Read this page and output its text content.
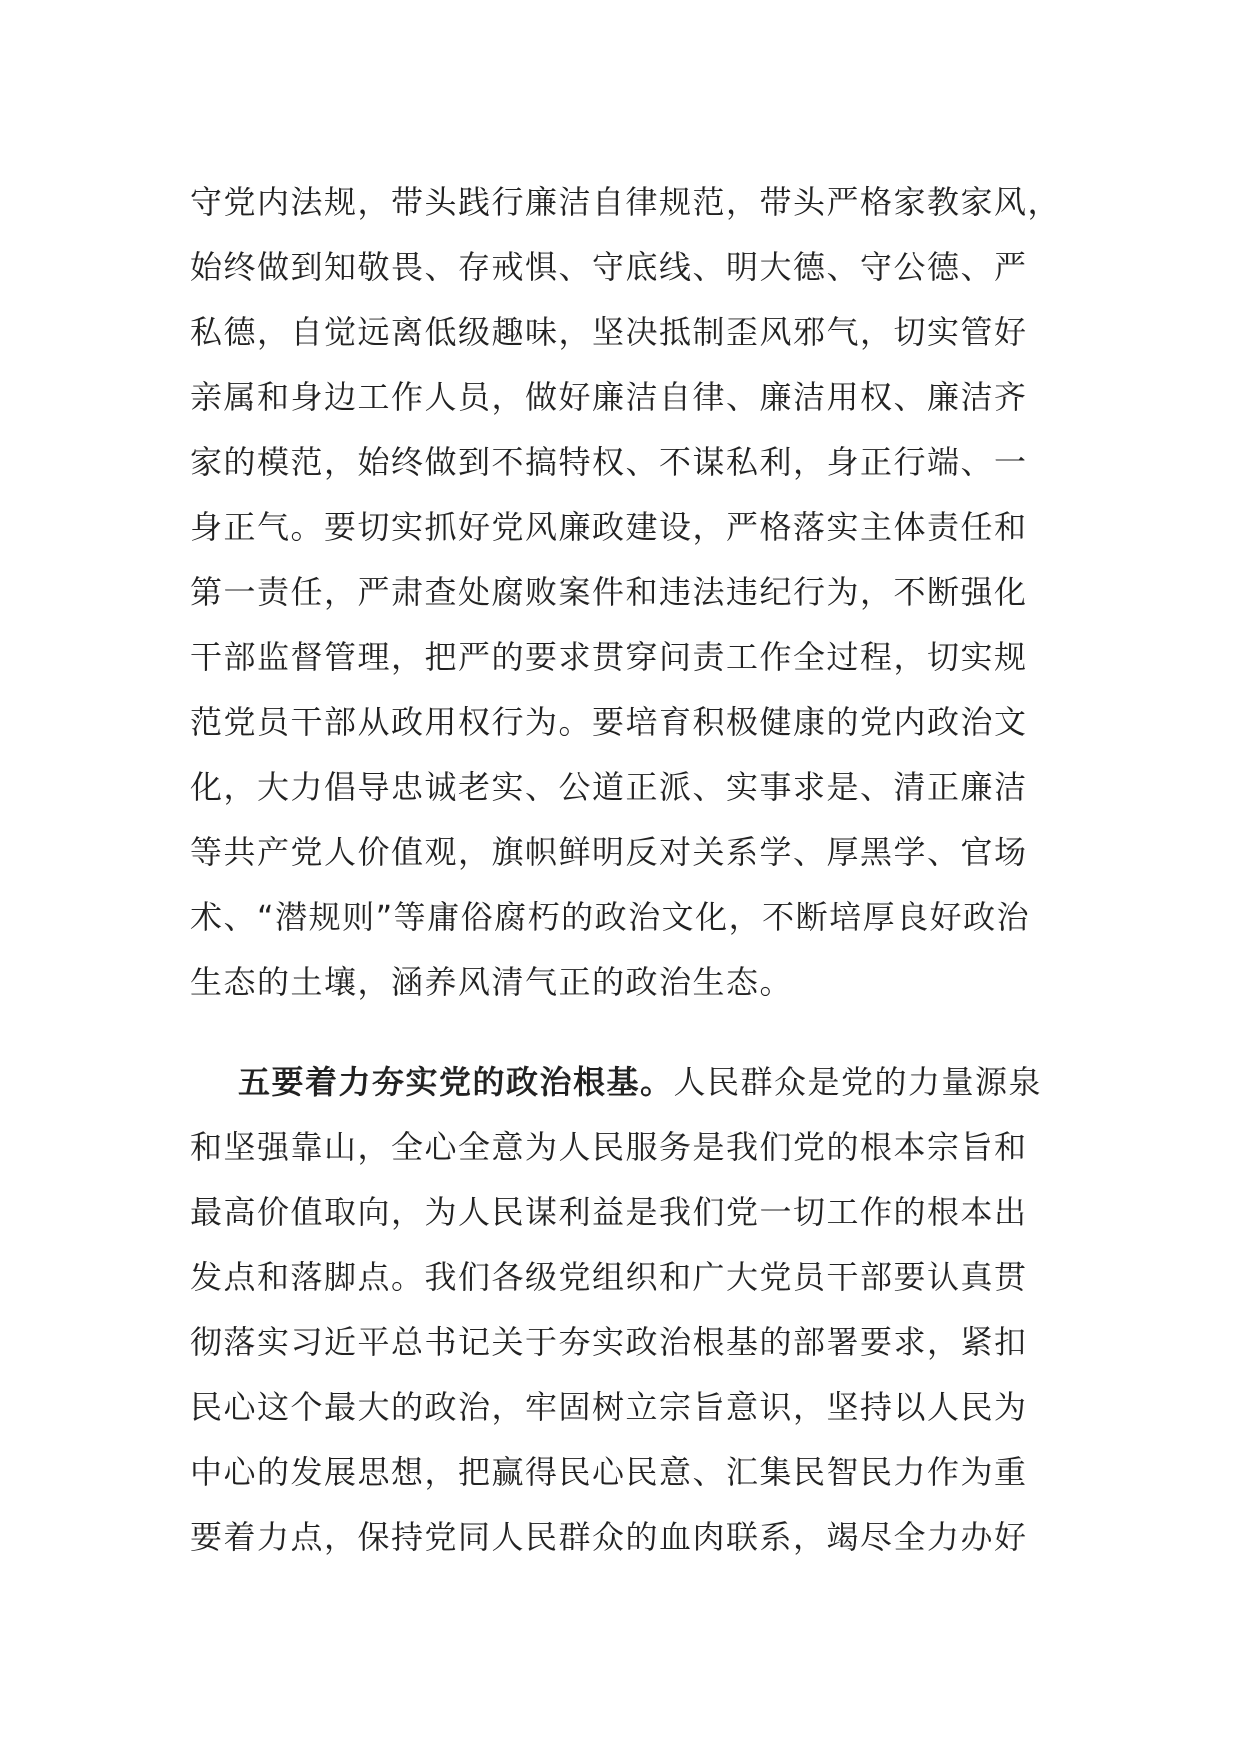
守党内法规，带头践行廉洁自律规范，带头严格家教家风，
始终做到知敬畏、存戒惧、守底线、明大德、守公德、严
私德，自觉远离低级趣味，坚决抵制歪风邪气，切实管好
亲属和身边工作人员，做好廉洁自律、廉洁用权、廉洁齐
家的模范，始终做到不搞特权、不谋私利，身正行端、一
身正气。要切实抓好党风廉政建设，严格落实主体责任和
第一责任，严肃查处腐败案件和违法违纪行为，不断强化
干部监督管理，把严的要求贯穿问责工作全过程，切实规
范党员干部从政用权行为。要培育积极健康的党内政治文
化，大力倡导忠诚老实、公道正派、实事求是、清正廉洁
等共产党人价值观，旗帜鲜明反对关系学、厚黑学、官场
术、“潜规则”等庸俗腐朽的政治文化，不断培厚良好政治
生态的土壤，涵养风清气正的政治生态。
五要着力夯实党的政治根基。人民群众是党的力量源泉
和坚强靠山，全心全意为人民服务是我们党的根本宗旨和
最高价值取向，为人民谋利益是我们党一切工作的根本出
发点和落脚点。我们各级党组织和广大党员干部要认真贯
彻落实习近平总书记关于夯实政治根基的部署要求，紧扣
民心这个最大的政治，牢固树立宗旨意识，坚持以人民为
中心的发展思想，把赢得民心民意、汇集民智民力作为重
要着力点，保持党同人民群众的血肉联系，竭尽全力办好
